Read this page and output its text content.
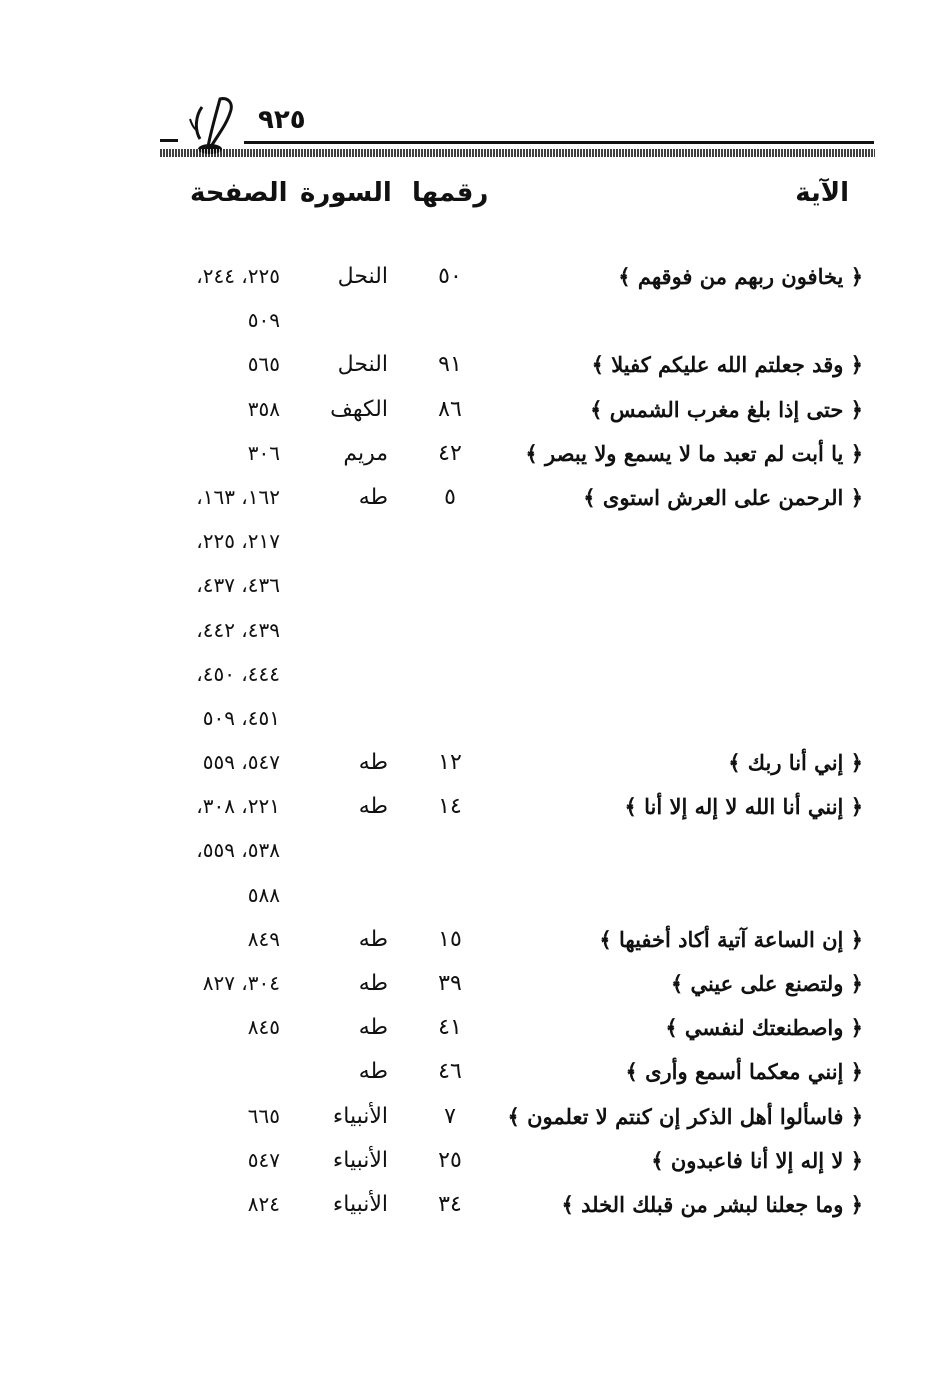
٩٢٥
الآية
رقمها
السورة
الصفحة
﴿ يخافون ربهم من فوقهم ﴾
٥٠
النحل
٢٢٥، ٢٤٤،
٥٠٩
﴿ وقد جعلتم الله عليكم كفيلا ﴾
٩١
النحل
٥٦٥
﴿ حتى إذا بلغ مغرب الشمس ﴾
٨٦
الكهف
٣٥٨
﴿ يا أبت لم تعبد ما لا يسمع ولا يبصر ﴾
٤٢
مريم
٣٠٦
﴿ الرحمن على العرش استوى ﴾
٥
طه
١٦٢، ١٦٣،
٢١٧، ٢٢٥،
٤٣٦، ٤٣٧،
٤٣٩، ٤٤٢،
٤٤٤، ٤٥٠،
٤٥١، ٥٠٩
﴿ إني أنا ربك ﴾
١٢
طه
٥٤٧، ٥٥٩
﴿ إنني أنا الله لا إله إلا أنا ﴾
١٤
طه
٢٢١، ٣٠٨،
٥٣٨، ٥٥٩،
٥٨٨
﴿ إن الساعة آتية أكاد أخفيها ﴾
١٥
طه
٨٤٩
﴿ ولتصنع على عيني ﴾
٣٩
طه
٣٠٤، ٨٢٧
﴿ واصطنعتك لنفسي ﴾
٤١
طه
٨٤٥
﴿ إنني معكما أسمع وأرى ﴾
٤٦
طه
﴿ فاسألوا أهل الذكر إن كنتم لا تعلمون ﴾
٧
الأنبياء
٦٦٥
﴿ لا إله إلا أنا فاعبدون ﴾
٢٥
الأنبياء
٥٤٧
﴿ وما جعلنا لبشر من قبلك الخلد ﴾
٣٤
الأنبياء
٨٢٤
